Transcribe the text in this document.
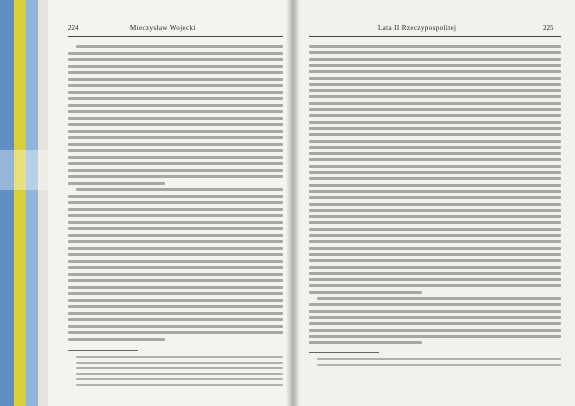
224	Mieczysław Wojecki	Lata II Rzeczypospolitej	225
